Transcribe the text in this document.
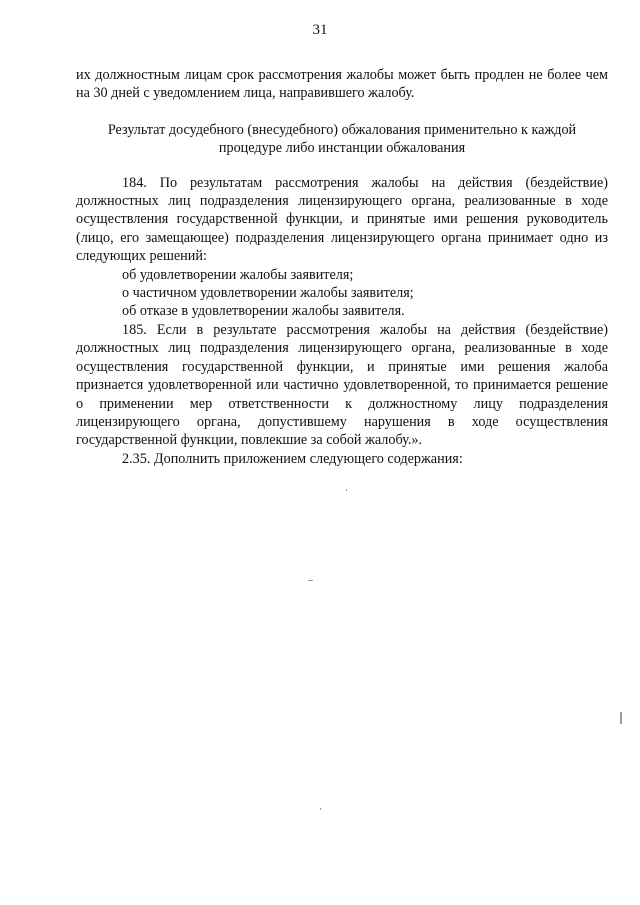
31

их должностным лицам срок рассмотрения жалобы может быть продлен не более чем на 30 дней с уведомлением лица, направившего жалобу.

Результат досудебного (внесудебного) обжалования применительно к каждой процедуре либо инстанции обжалования

184. По результатам рассмотрения жалобы на действия (бездействие) должностных лиц подразделения лицензирующего органа, реализованные в ходе осуществления государственной функции, и принятые ими решения руководитель (лицо, его замещающее) подразделения лицензирующего органа принимает одно из следующих решений:

об удовлетворении жалобы заявителя;

о частичном удовлетворении жалобы заявителя;

об отказе в удовлетворении жалобы заявителя.

185. Если в результате рассмотрения жалобы на действия (бездействие) должностных лиц подразделения лицензирующего органа, реализованные в ходе осуществления государственной функции, и принятые ими решения жалоба признается удовлетворенной или частично удовлетворенной, то принимается решение о применении мер ответственности к должностному лицу подразделения лицензирующего органа, допустившему нарушения в ходе осуществления государственной функции, повлекшие за собой жалобу.».

2.35. Дополнить приложением следующего содержания:
